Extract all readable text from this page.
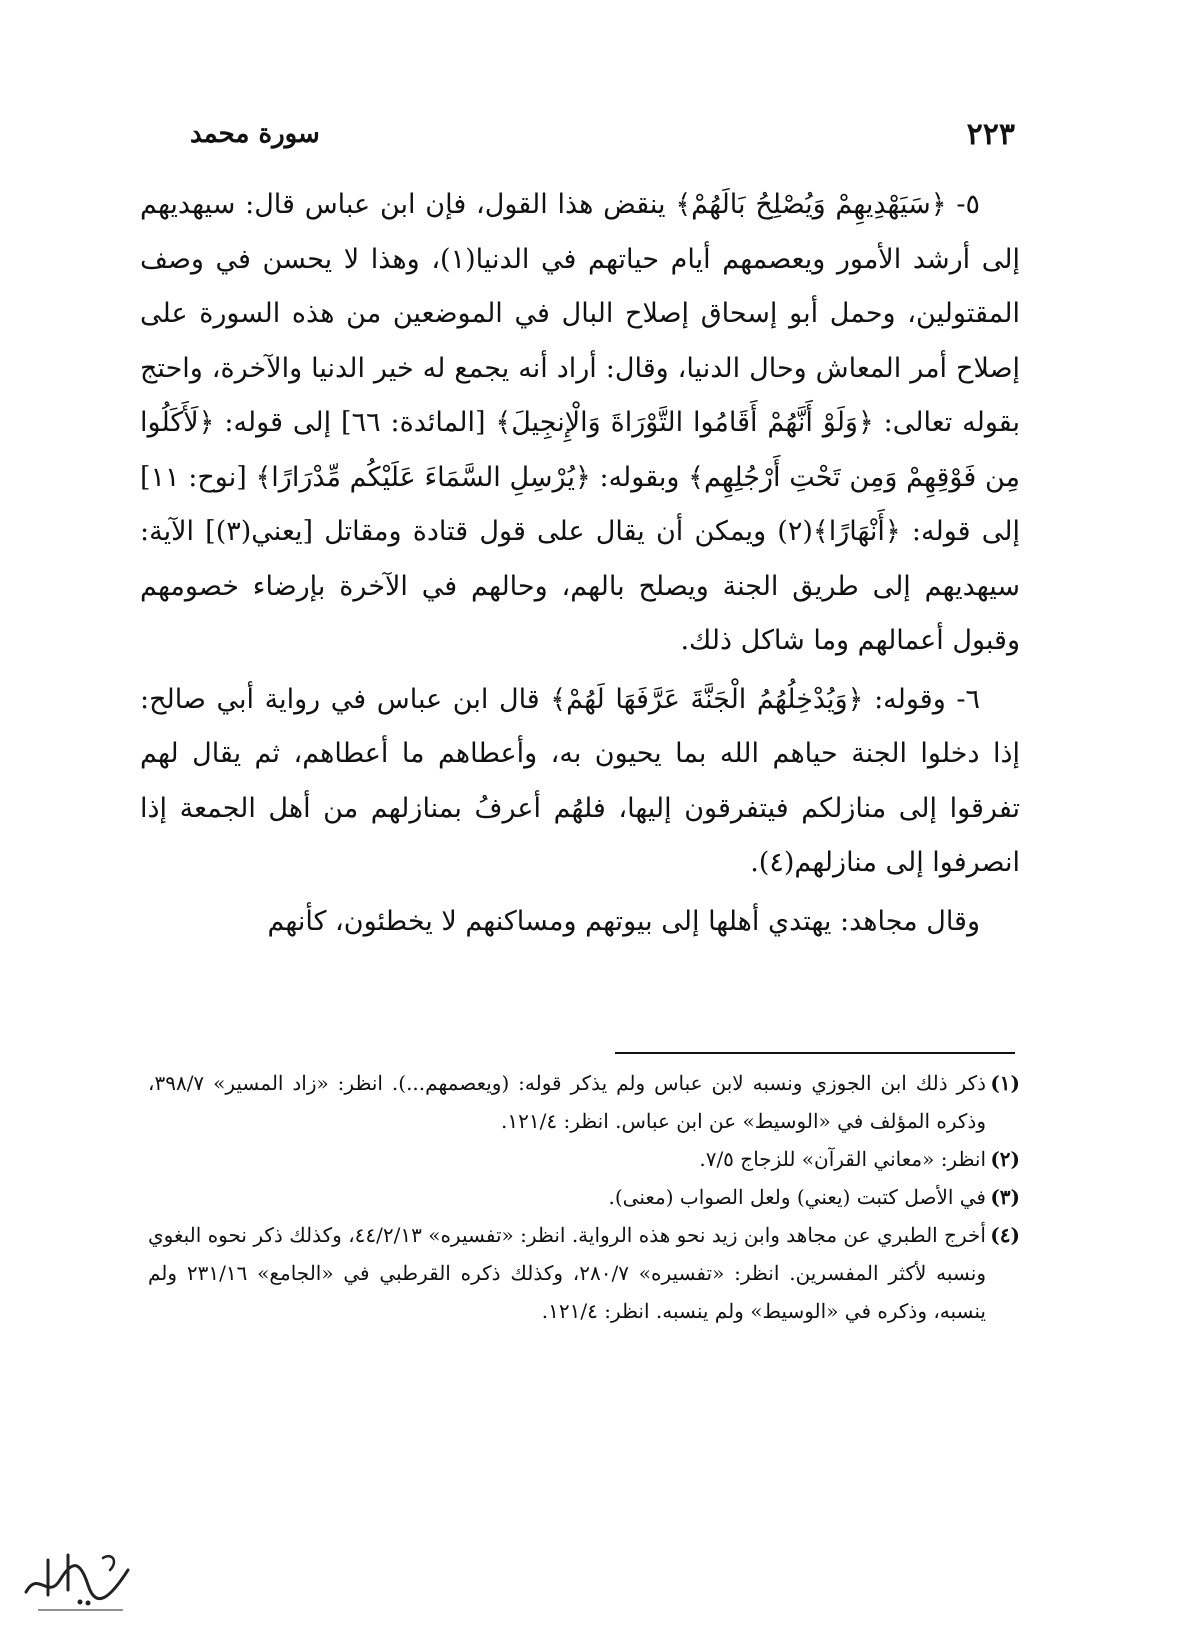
سورة محمد	٢٢٣

٥- ﴿سَيَهْدِيهِمْ وَيُصْلِحُ بَالَهُمْ﴾ ينقض هذا القول، فإن ابن عباس قال: سيهديهم إلى أرشد الأمور ويعصمهم أيام حياتهم في الدنيا(١)، وهذا لا يحسن في وصف المقتولين، وحمل أبو إسحاق إصلاح البال في الموضعين من هذه السورة على إصلاح أمر المعاش وحال الدنيا، وقال: أراد أنه يجمع له خير الدنيا والآخرة، واحتج بقوله تعالى: ﴿وَلَوْ أَنَّهُمْ أَقَامُوا التَّوْرَاةَ وَالْإِنجِيلَ﴾ [المائدة: ٦٦] إلى قوله: ﴿لَأَكَلُوا مِن فَوْقِهِمْ وَمِن تَحْتِ أَرْجُلِهِم﴾ وبقوله: ﴿يُرْسِلِ السَّمَاءَ عَلَيْكُم مِّدْرَارًا﴾ [نوح: ١١] إلى قوله: ﴿أَنْهَارًا﴾(٢) ويمكن أن يقال على قول قتادة ومقاتل [يعني(٣)] الآية: سيهديهم إلى طريق الجنة ويصلح بالهم، وحالهم في الآخرة بإرضاء خصومهم وقبول أعمالهم وما شاكل ذلك.

٦- وقوله: ﴿وَيُدْخِلُهُمُ الْجَنَّةَ عَرَّفَهَا لَهُمْ﴾ قال ابن عباس في رواية أبي صالح: إذا دخلوا الجنة حياهم الله بما يحيون به، وأعطاهم ما أعطاهم، ثم يقال لهم تفرقوا إلى منازلكم فيتفرقون إليها، فلهُم أعرفُ بمنازلهم من أهل الجمعة إذا انصرفوا إلى منازلهم(٤).

وقال مجاهد: يهتدي أهلها إلى بيوتهم ومساكنهم لا يخطئون، كأنهم

(١)ذكر ذلك ابن الجوزي ونسبه لابن عباس ولم يذكر قوله: (ويعصمهم...). انظر: «زاد المسير» ٣٩٨/٧، وذكره المؤلف في «الوسيط» عن ابن عباس. انظر: ١٢١/٤.

(٢)انظر: «معاني القرآن» للزجاج ٧/٥.

(٣)في الأصل كتبت (يعني) ولعل الصواب (معنى).

(٤)أخرج الطبري عن مجاهد وابن زيد نحو هذه الرواية. انظر: «تفسيره» ٤٤/٢/١٣، وكذلك ذكر نحوه البغوي ونسبه لأكثر المفسرين. انظر: «تفسيره» ٢٨٠/٧، وكذلك ذكره القرطبي في «الجامع» ٢٣١/١٦ ولم ينسبه، وذكره في «الوسيط» ولم ينسبه. انظر: ١٢١/٤.
